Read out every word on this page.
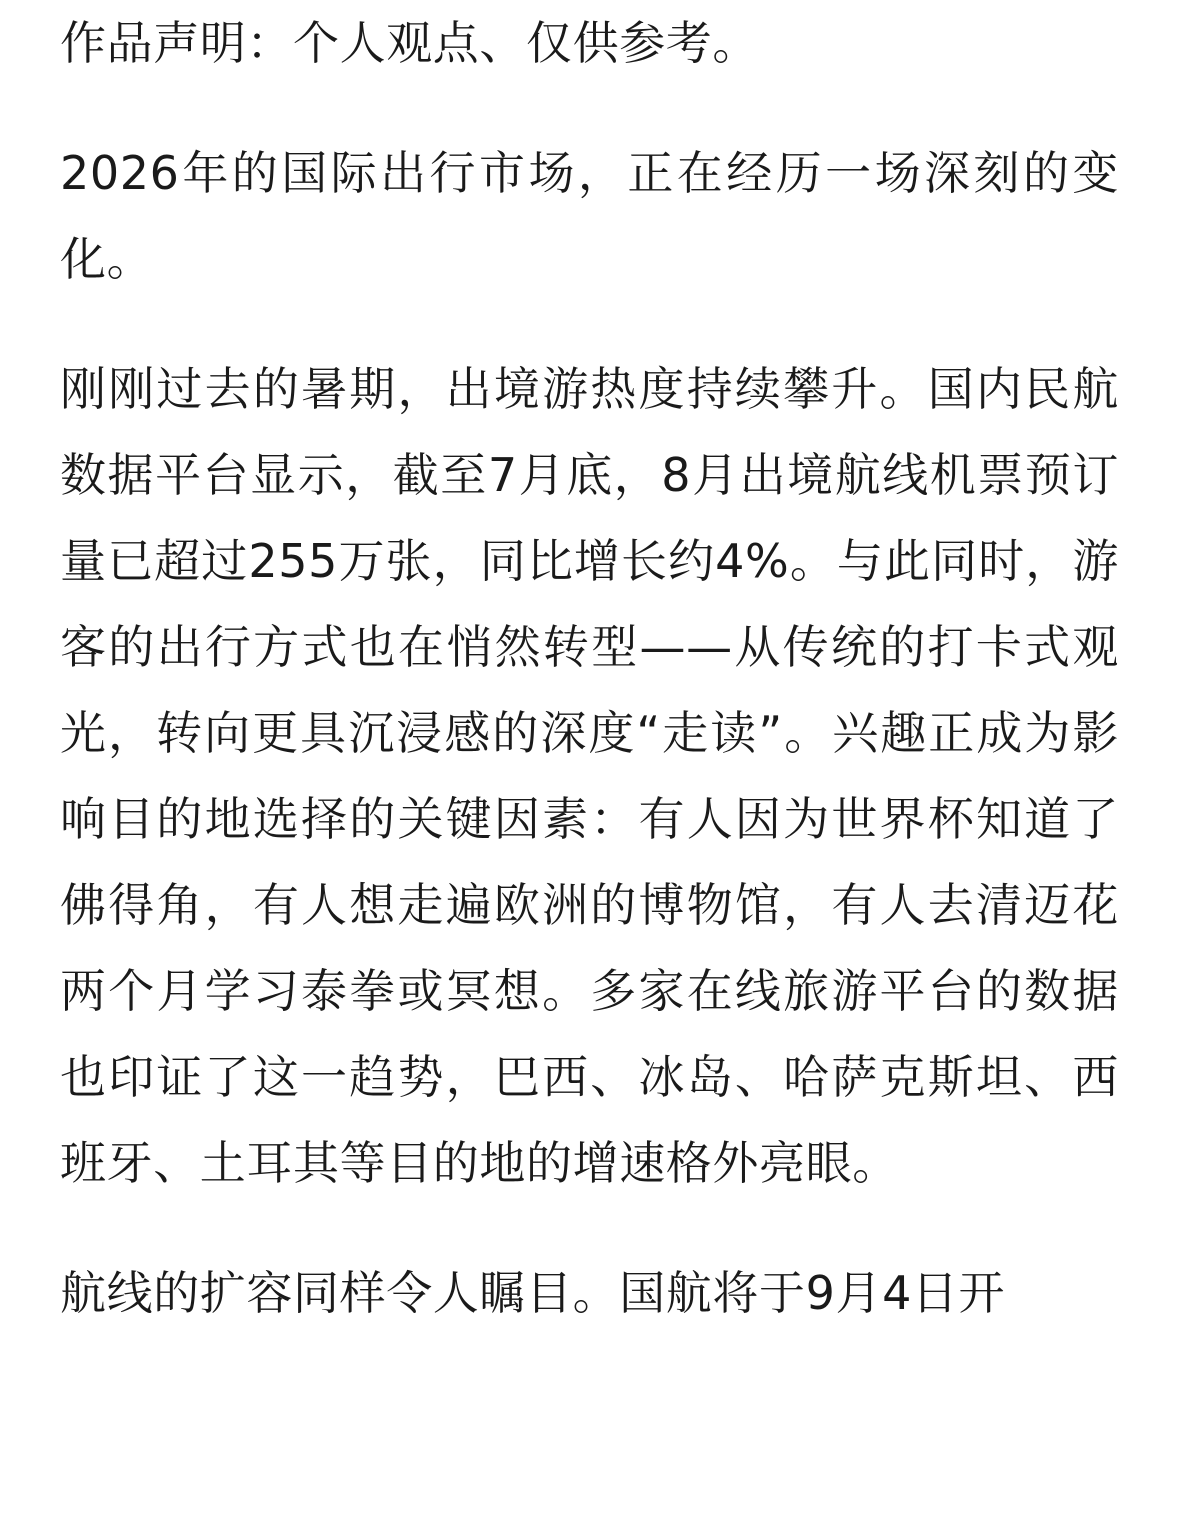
作品声明：个人观点、仅供参考。

2026年的国际出行市场，正在经历一场深刻的变化。

刚刚过去的暑期，出境游热度持续攀升。国内民航数据平台显示，截至7月底，8月出境航线机票预订量已超过255万张，同比增长约4%。与此同时，游客的出行方式也在悄然转型——从传统的打卡式观光，转向更具沉浸感的深度“走读”。兴趣正成为影响目的地选择的关键因素：有人因为世界杯知道了佛得角，有人想走遍欧洲的博物馆，有人去清迈花两个月学习泰拳或冥想。多家在线旅游平台的数据也印证了这一趋势，巴西、冰岛、哈萨克斯坦、西班牙、土耳其等目的地的增速格外亮眼。

航线的扩容同样令人瞩目。国航将于9月4日开
